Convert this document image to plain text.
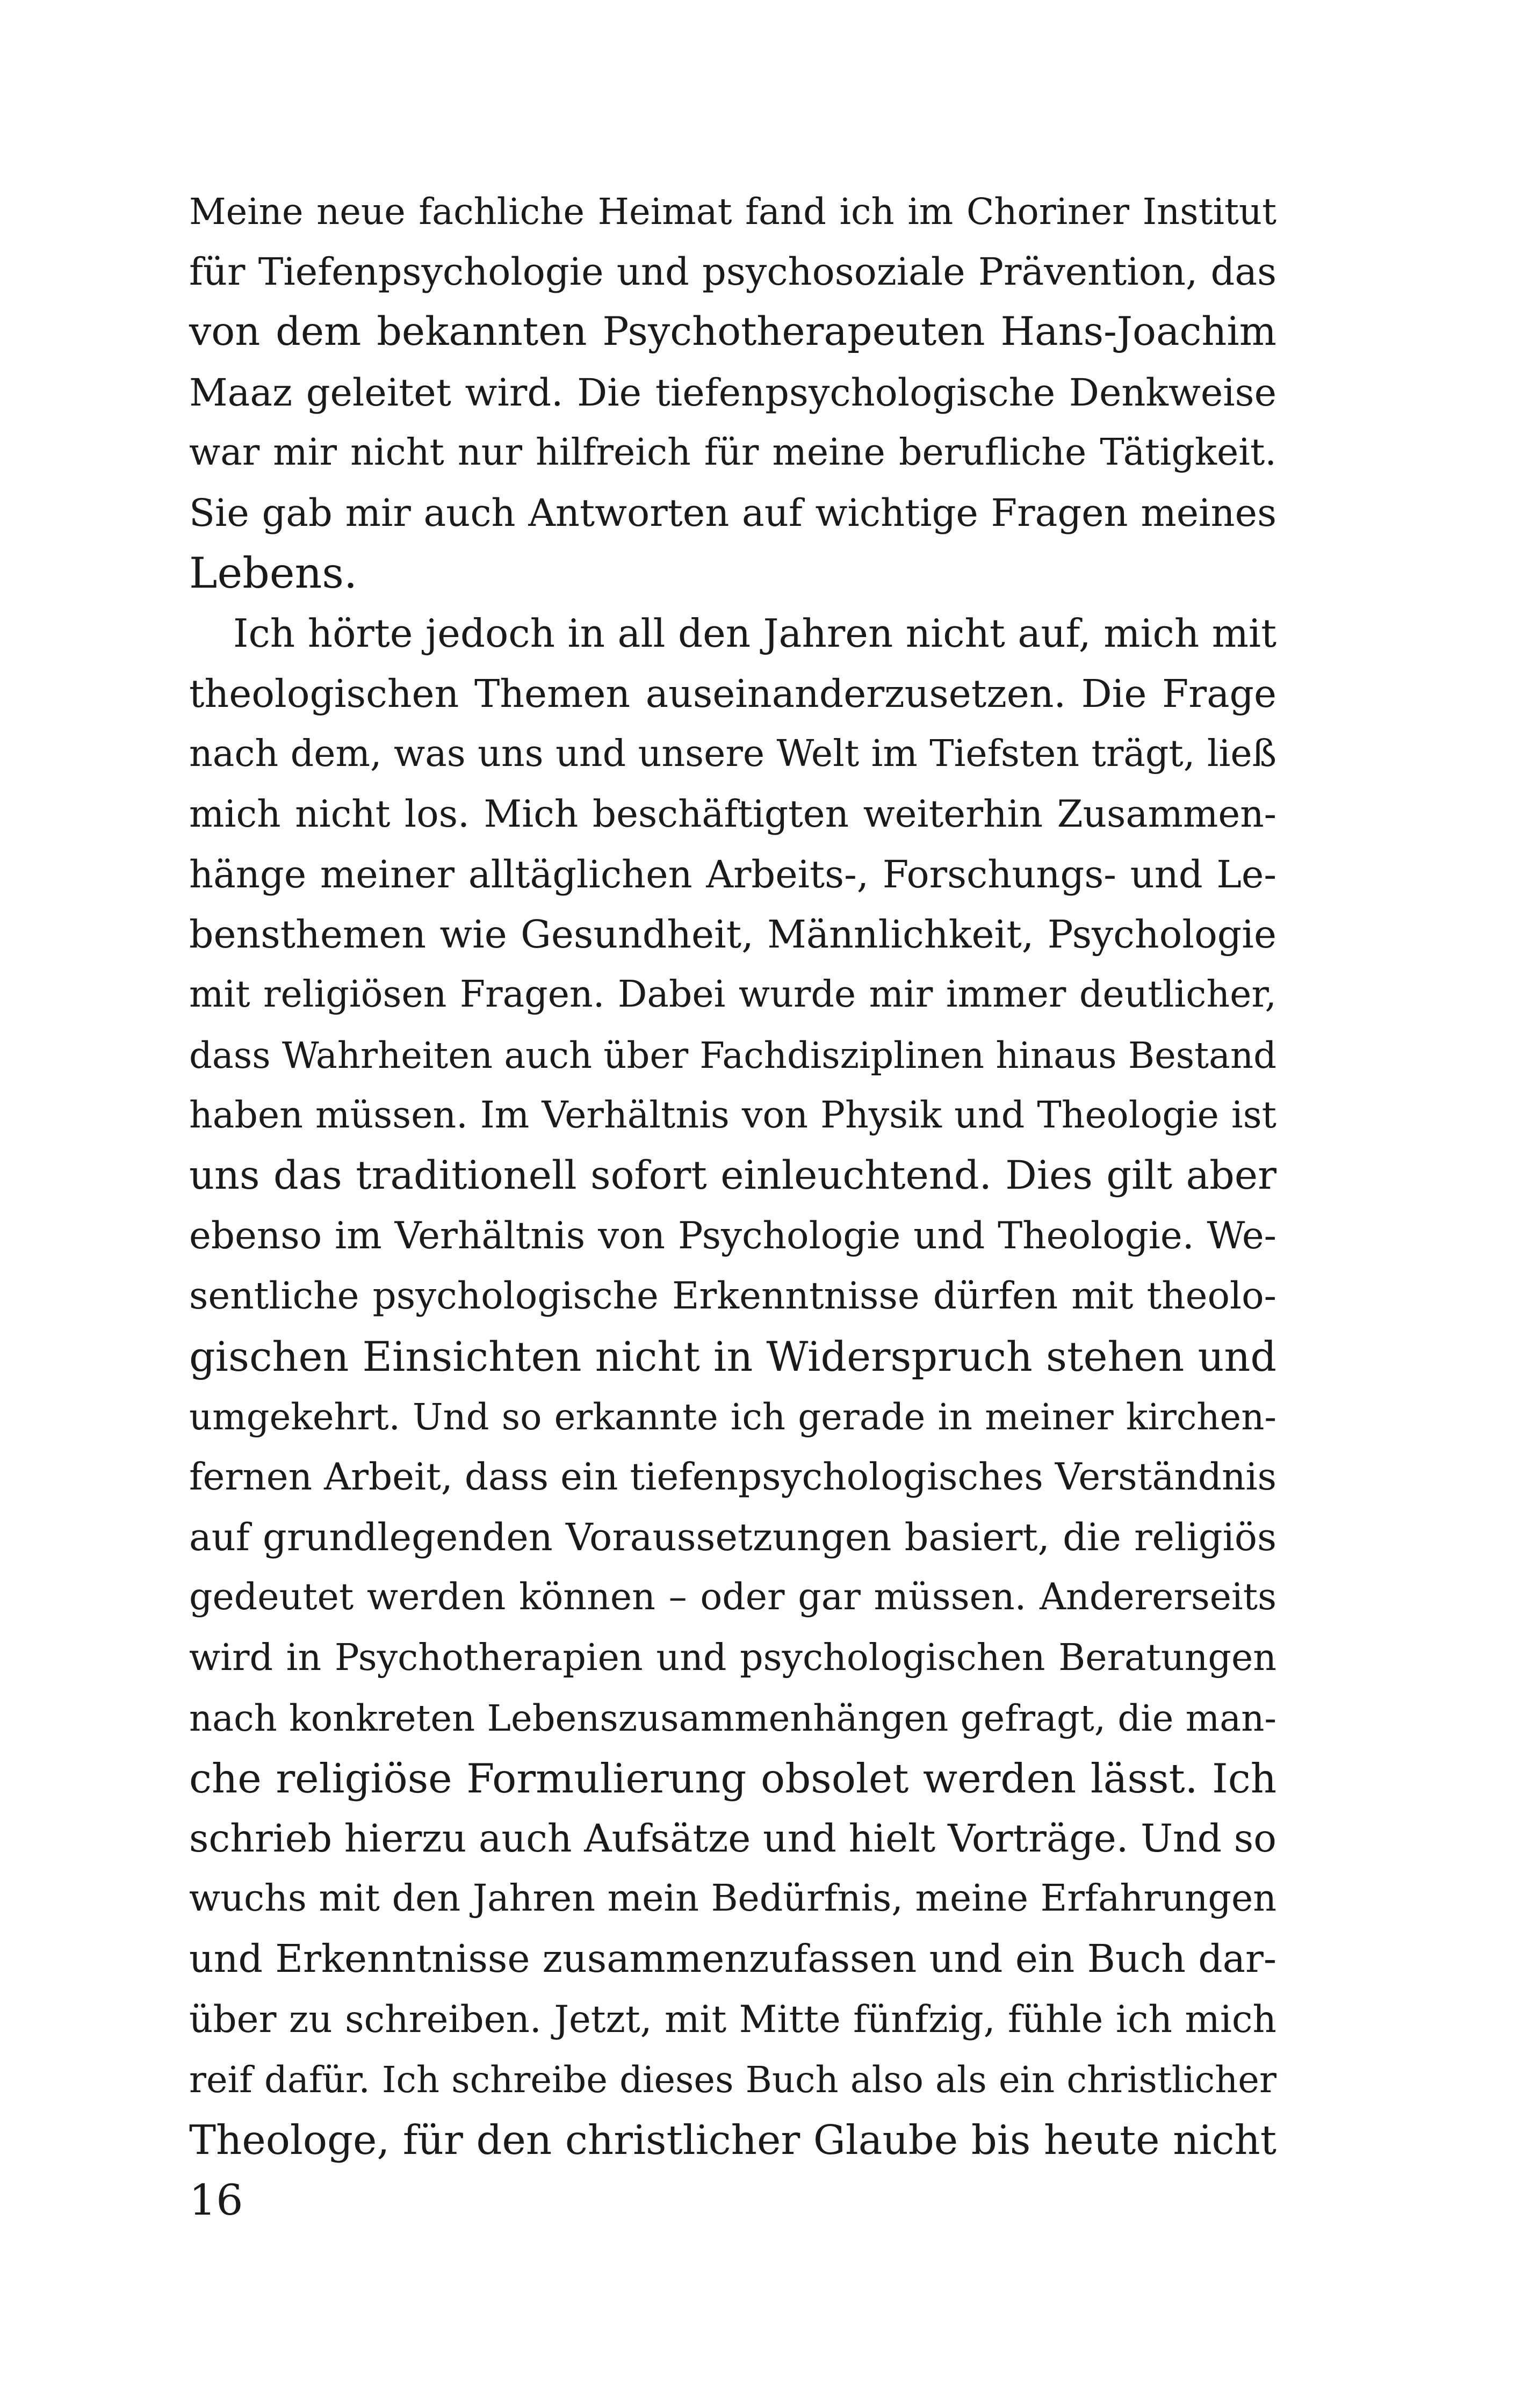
Meine neue fachliche Heimat fand ich im Choriner Institut
für Tiefenpsychologie und psychosoziale Prävention, das
von dem bekannten Psychotherapeuten Hans-Joachim
Maaz geleitet wird. Die tiefenpsychologische Denkweise
war mir nicht nur hilfreich für meine berufliche Tätigkeit.
Sie gab mir auch Antworten auf wichtige Fragen meines
Lebens.
Ich hörte jedoch in all den Jahren nicht auf, mich mit
theologischen Themen auseinanderzusetzen. Die Frage
nach dem, was uns und unsere Welt im Tiefsten trägt, ließ
mich nicht los. Mich beschäftigten weiterhin Zusammen-
hänge meiner alltäglichen Arbeits-, Forschungs- und Le-
bensthemen wie Gesundheit, Männlichkeit, Psychologie
mit religiösen Fragen. Dabei wurde mir immer deutlicher,
dass Wahrheiten auch über Fachdisziplinen hinaus Bestand
haben müssen. Im Verhältnis von Physik und Theologie ist
uns das traditionell sofort einleuchtend. Dies gilt aber
ebenso im Verhältnis von Psychologie und Theologie. We-
sentliche psychologische Erkenntnisse dürfen mit theolo-
gischen Einsichten nicht in Widerspruch stehen und
umgekehrt. Und so erkannte ich gerade in meiner kirchen-
fernen Arbeit, dass ein tiefenpsychologisches Verständnis
auf grundlegenden Voraussetzungen basiert, die religiös
gedeutet werden können – oder gar müssen. Andererseits
wird in Psychotherapien und psychologischen Beratungen
nach konkreten Lebenszusammenhängen gefragt, die man-
che religiöse Formulierung obsolet werden lässt. Ich
schrieb hierzu auch Aufsätze und hielt Vorträge. Und so
wuchs mit den Jahren mein Bedürfnis, meine Erfahrungen
und Erkenntnisse zusammenzufassen und ein Buch dar-
über zu schreiben. Jetzt, mit Mitte fünfzig, fühle ich mich
reif dafür. Ich schreibe dieses Buch also als ein christlicher
Theologe, für den christlicher Glaube bis heute nicht
16
